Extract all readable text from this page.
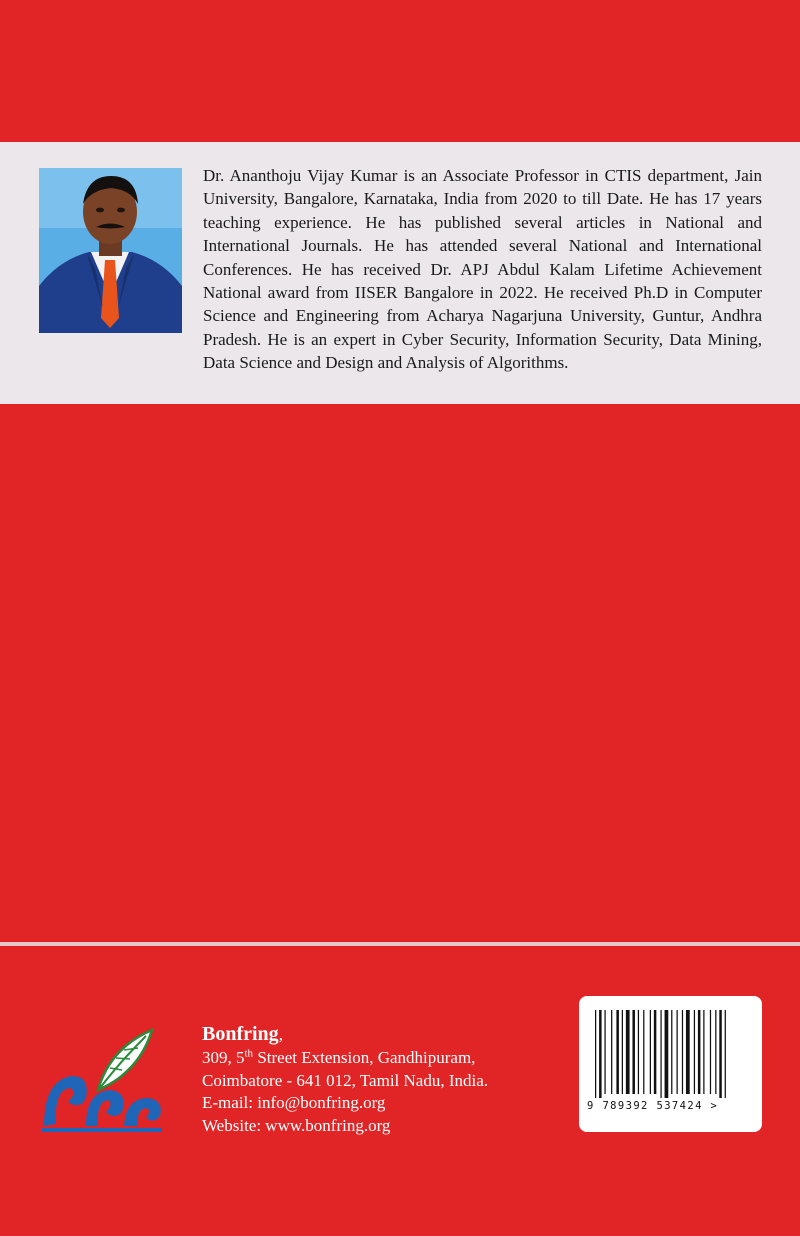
Dr. Ananthoju Vijay Kumar is an Associate Professor in CTIS department, Jain University, Bangalore, Karnataka, India from 2020 to till Date. He has 17 years teaching experience. He has published several articles in National and International Journals. He has attended several National and International Conferences. He has received Dr. APJ Abdul Kalam Lifetime Achievement National award from IISER Bangalore in 2022. He received Ph.D in Computer Science and Engineering from Acharya Nagarjuna University, Guntur, Andhra Pradesh. He is an expert in Cyber Security, Information Security, Data Mining, Data Science and Design and Analysis of Algorithms.
Bonfring,
309, 5th Street Extension, Gandhipuram,
Coimbatore - 641 012, Tamil Nadu, India.
E-mail: info@bonfring.org
Website: www.bonfring.org
9 789392 537424 >
